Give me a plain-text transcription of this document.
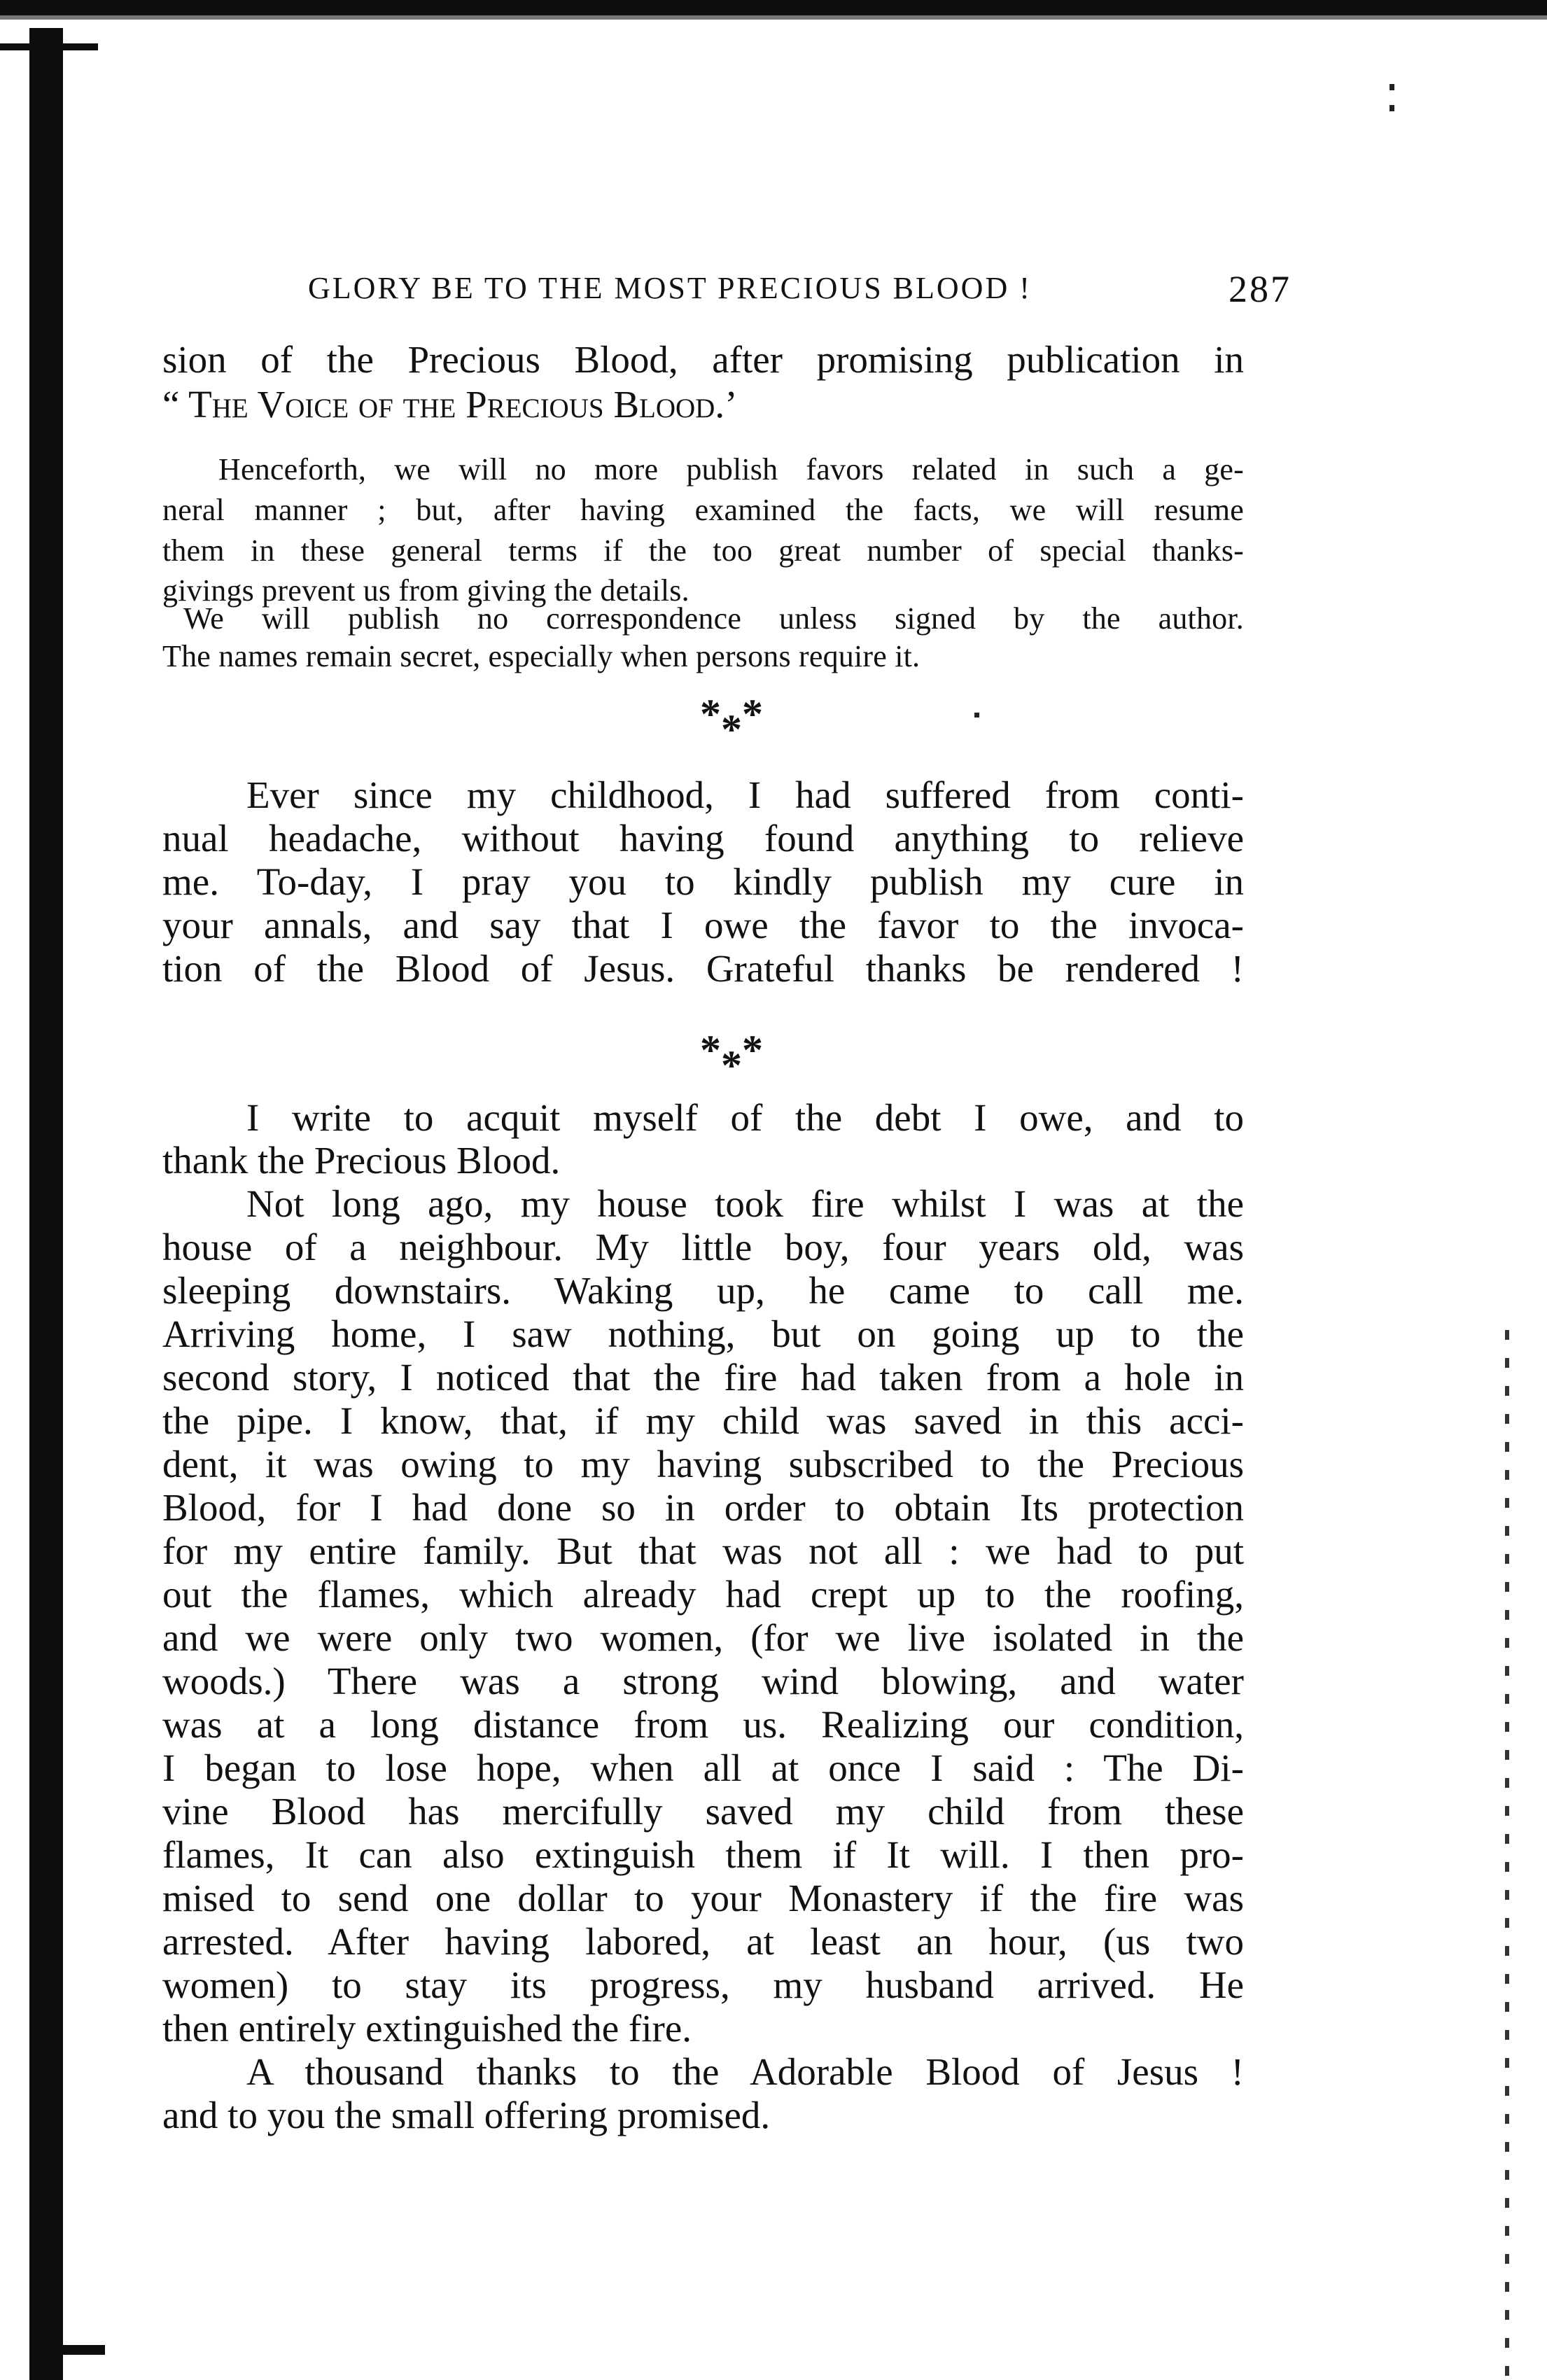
GLORY BE TO THE MOST PRECIOUS BLOOD !	287
sion of the Precious Blood, after promising publication in
“ The Voice of the Precious Blood.’
Henceforth, we will no more publish favors related in such a ge-
neral manner ; but, after having examined the facts, we will resume
them in these general terms if the too great number of special thanks-
givings prevent us from giving the details.
We will publish no correspondence unless signed by the author.
The names remain secret, especially when persons require it.
$*_**$
Ever since my childhood, I had suffered from conti-
nual headache, without having found anything to relieve
me. To-day, I pray you to kindly publish my cure in
your annals, and say that I owe the favor to the invoca-
tion of the Blood of Jesus. Grateful thanks be rendered !
$*_**$
I write to acquit myself of the debt I owe, and to
thank the Precious Blood.
Not long ago, my house took fire whilst I was at the
house of a neighbour. My little boy, four years old, was
sleeping downstairs. Waking up, he came to call me.
Arriving home, I saw nothing, but on going up to the
second story, I noticed that the fire had taken from a hole in
the pipe. I know, that, if my child was saved in this acci-
dent, it was owing to my having subscribed to the Precious
Blood, for I had done so in order to obtain Its protection
for my entire family. But that was not all : we had to put
out the flames, which already had crept up to the roofing,
and we were only two women, (for we live isolated in the
woods.) There was a strong wind blowing, and water
was at a long distance from us. Realizing our condition,
I began to lose hope, when all at once I said : The Di-
vine Blood has mercifully saved my child from these
flames, It can also extinguish them if It will. I then pro-
mised to send one dollar to your Monastery if the fire was
arrested. After having labored, at least an hour, (us two
women) to stay its progress, my husband arrived. He
then entirely extinguished the fire.
A thousand thanks to the Adorable Blood of Jesus !
and to you the small offering promised.
